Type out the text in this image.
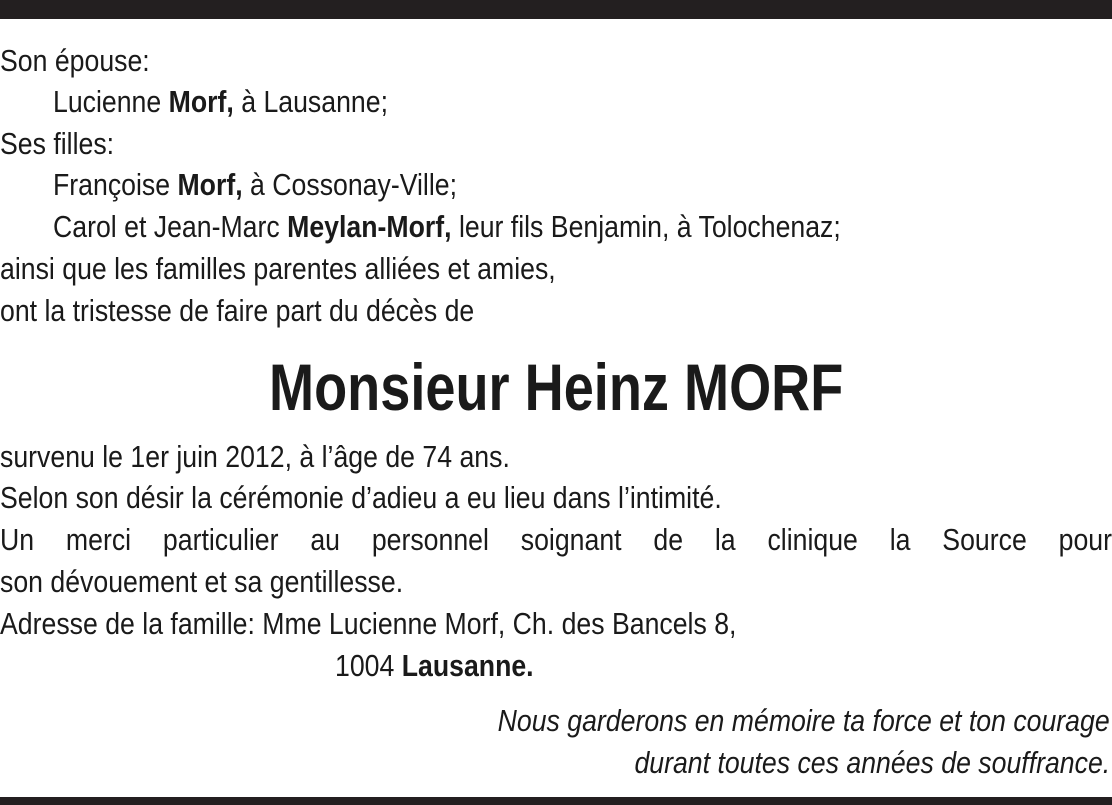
Son épouse:
Lucienne Morf, à Lausanne;
Ses filles:
Françoise Morf, à Cossonay-Ville;
Carol et Jean-Marc Meylan-Morf, leur fils Benjamin, à Tolochenaz;
ainsi que les familles parentes alliées et amies,
ont la tristesse de faire part du décès de
Monsieur Heinz MORF
survenu le 1er juin 2012, à l’âge de 74 ans.
Selon son désir la cérémonie d’adieu a eu lieu dans l’intimité.
Un merci particulier au personnel soignant de la clinique la Source pour
son dévouement et sa gentillesse.
Adresse de la famille: Mme Lucienne Morf, Ch. des Bancels 8,
1004 Lausanne.
Nous garderons en mémoire ta force et ton courage
durant toutes ces années de souffrance.
